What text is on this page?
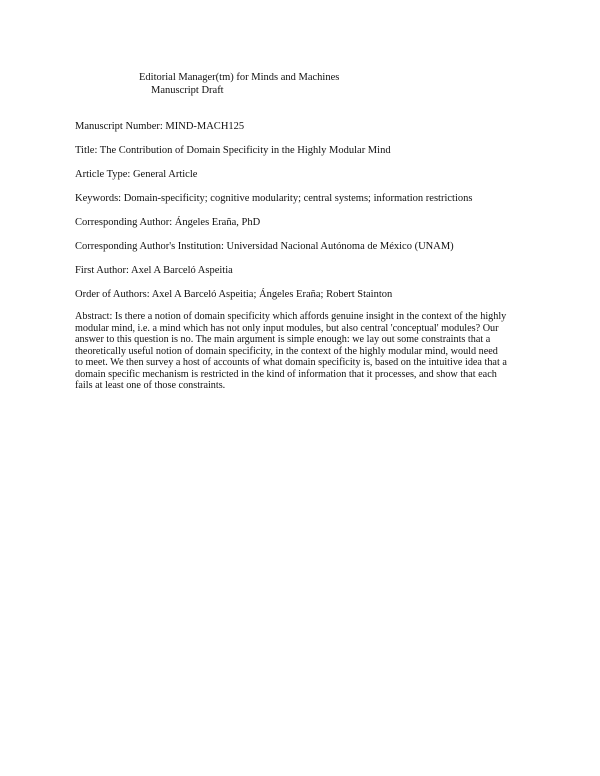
Editorial Manager(tm) for Minds and Machines
Manuscript Draft
Manuscript Number: MIND-MACH125
Title: The Contribution of Domain Specificity in the Highly Modular Mind
Article Type: General Article
Keywords: Domain-specificity; cognitive modularity; central systems; information restrictions
Corresponding Author: Ángeles Eraña, PhD
Corresponding Author's Institution: Universidad Nacional Autónoma de México (UNAM)
First Author: Axel A Barceló Aspeitia
Order of Authors: Axel A Barceló Aspeitia; Ángeles Eraña; Robert Stainton
Abstract: Is there a notion of domain specificity which affords genuine insight in the context of the highly modular mind, i.e. a mind which has not only input modules, but also central 'conceptual' modules? Our answer to this question is no. The main argument is simple enough: we lay out some constraints that a theoretically useful notion of domain specificity, in the context of the highly modular mind, would need to meet. We then survey a host of accounts of what domain specificity is, based on the intuitive idea that a domain specific mechanism is restricted in the kind of information that it processes, and show that each fails at least one of those constraints.
